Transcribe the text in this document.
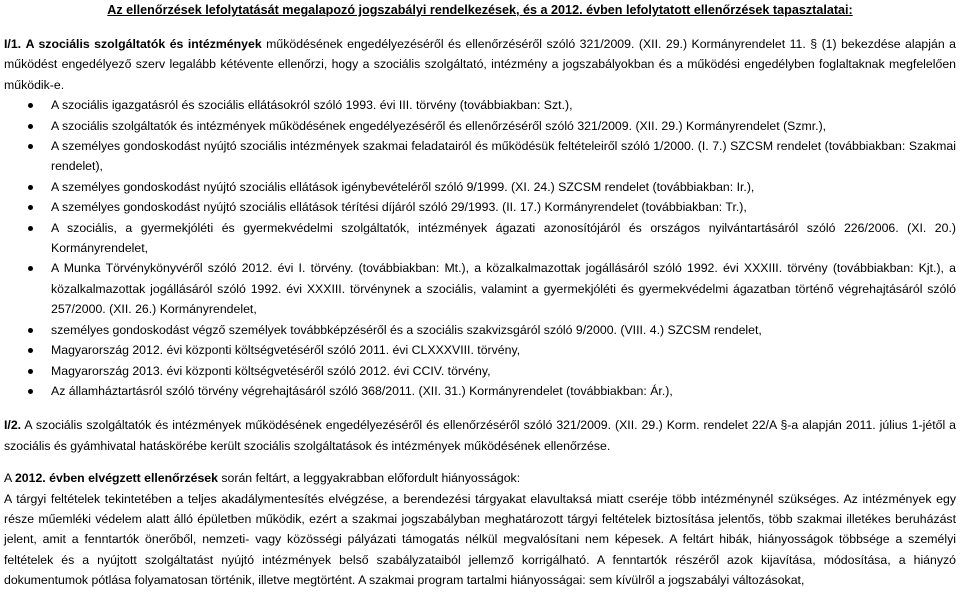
Az ellenőrzések lefolytatását megalapozó jogszabályi rendelkezések, és a 2012. évben lefolytatott ellenőrzések tapasztalatai:

I/1. A szociális szolgáltatók és intézmények működésének engedélyezéséről és ellenőrzéséről szóló 321/2009. (XII. 29.) Kormányrendelet 11. § (1) bekezdése alapján a működést engedélyező szerv legalább kétévente ellenőrzi, hogy a szociális szolgáltató, intézmény a jogszabályokban és a működési engedélyben foglaltaknak megfelelően működik-e.

A szociális igazgatásról és szociális ellátásokról szóló 1993. évi III. törvény (továbbiakban: Szt.),
A szociális szolgáltatók és intézmények működésének engedélyezéséről és ellenőrzéséről szóló 321/2009. (XII. 29.) Kormányrendelet (Szmr.),
A személyes gondoskodást nyújtó szociális intézmények szakmai feladatairól és működésük feltételeiről szóló 1/2000. (I. 7.) SZCSM rendelet (továbbiakban: Szakmai rendelet),
A személyes gondoskodást nyújtó szociális ellátások igénybevételéről szóló 9/1999. (XI. 24.) SZCSM rendelet (továbbiakban: Ir.),
A személyes gondoskodást nyújtó szociális ellátások térítési díjáról szóló 29/1993. (II. 17.) Kormányrendelet (továbbiakban: Tr.),
A szociális, a gyermekjóléti és gyermekvédelmi szolgáltatók, intézmények ágazati azonosítójáról és országos nyilvántartásáról szóló 226/2006. (XI. 20.) Kormányrendelet,
A Munka Törvénykönyvéről szóló 2012. évi I. törvény. (továbbiakban: Mt.), a közalkalmazottak jogállásáról szóló 1992. évi XXXIII. törvény (továbbiakban: Kjt.), a közalkalmazottak jogállásáról szóló 1992. évi XXXIII. törvénynek a szociális, valamint a gyermekjóléti és gyermekvédelmi ágazatban történő végrehajtásáról szóló 257/2000. (XII. 26.) Kormányrendelet,
személyes gondoskodást végző személyek továbbképzéséről és a szociális szakvizsgáról szóló 9/2000. (VIII. 4.) SZCSM rendelet,
Magyarország 2012. évi központi költségvetéséről szóló 2011. évi CLXXXVIII. törvény,
Magyarország 2013. évi központi költségvetéséről szóló 2012. évi CCIV. törvény,
Az államháztartásról szóló törvény végrehajtásáról szóló 368/2011. (XII. 31.) Kormányrendelet (továbbiakban: Ár.),

I/2. A szociális szolgáltatók és intézmények működésének engedélyezéséről és ellenőrzéséről szóló 321/2009. (XII. 29.) Korm. rendelet 22/A §-a alapján 2011. július 1-jétől a szociális és gyámhivatal hatáskörébe került szociális szolgáltatások és intézmények működésének ellenőrzése.

A 2012. évben elvégzett ellenőrzések során feltárt, a leggyakrabban előfordult hiányosságok:

A tárgyi feltételek tekintetében a teljes akadálymentesítés elvégzése, a berendezési tárgyakat elavultaksá miatt cseréje több intézménynél szükséges. Az intézmények egy része műemléki védelem alatt álló épületben működik, ezért a szakmai jogszabályban meghatározott tárgyi feltételek biztosítása jelentős, több szakmai illetékes beruházást jelent, amit a fenntartók önerőből, nemzeti- vagy közösségi pályázati támogatás nélkül megvalósítani nem képesek. A feltárt hibák, hiányosságok többsége a személyi feltételek és a nyújtott szolgáltatást nyújtó intézmények belső szabályzataiból jellemző korrigálható. A fenntartók részéről azok kijavítása, módosítása, a hiányzó dokumentumok pótlása folyamatosan történik, illetve megtörtént. A szakmai program tartalmi hiányosságai: sem kívülről a jogszabályi változásokat,
